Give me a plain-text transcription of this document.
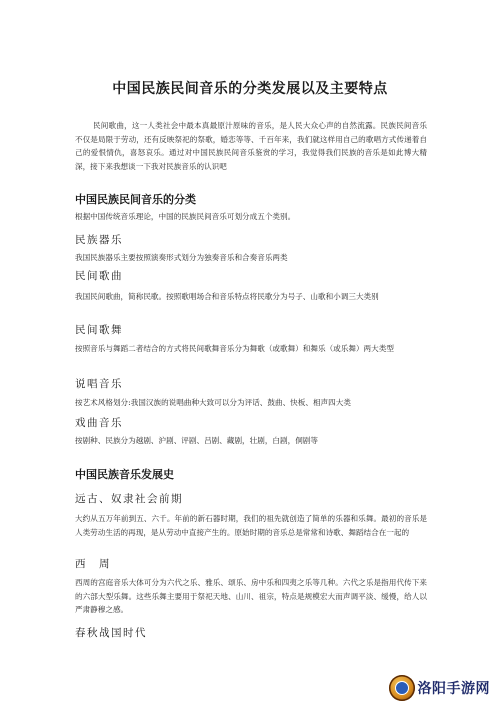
中国民族民间音乐的分类发展以及主要特点
民间歌曲，这一人类社会中最本真最原汁原味的音乐，是人民大众心声的自然流露。民族民间音乐不仅是局限于劳动，还有反映祭祀的祭歌，婚恋等等、千百年来，我们就这样用自己的歌唱方式传递着自己的爱恨情仇，喜怒哀乐。通过对中国民族民间音乐鉴赏的学习，我觉得我们民族的音乐是如此博大精深，接下来我想谈一下我对民族音乐的认识吧
中国民族民间音乐的分类
根据中国传统音乐理论，中国的民族民间音乐可划分成五个类别。
民族器乐
我国民族器乐主要按照演奏形式划分为独奏音乐和合奏音乐两类
民间歌曲
我国民间歌曲，简称民歌。按照歌唱场合和音乐特点将民歌分为号子、山歌和小调三大类别
民间歌舞
按照音乐与舞蹈二者结合的方式将民间歌舞音乐分为舞歌（或歌舞）和舞乐（或乐舞）两大类型
说唱音乐
按艺术风格划分:我国汉族的说唱曲种大致可以分为评话、鼓曲、快板、相声四大类
戏曲音乐
按剧种、民族分为越剧、沪剧、评剧、吕剧、藏剧，壮剧，白剧，侗剧等
中国民族音乐发展史
远古、奴隶社会前期
大约从五万年前到五、六千。年前的新石器时期，我们的祖先就创造了简单的乐器和乐舞。最初的音乐是人类劳动生活的再现，是从劳动中直接产生的。原始时期的音乐总是常常和诗歌、舞蹈结合在一起的
西　周
西周的宫庭音乐大体可分为六代之乐、雅乐、颂乐、房中乐和四夷之乐等几种。六代之乐是指用代传下来的六部大型乐舞。这些乐舞主要用于祭祀天地、山川、祖宗，特点是规模宏大而声调平淡、缓慢，给人以严肃静穆之感。
春秋战国时代
洛阳手游网
